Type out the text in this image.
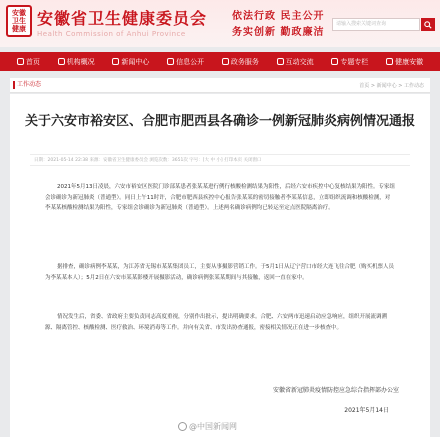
安徽
卫生
健康
安徽省卫生健康委员会
Health Commission of Anhui Province
依法行政 民主公开
务实创新 勤政廉洁
请输入搜索关键词查询
首页	机构概况	新闻中心	信息公开	政务服务	互动交流	专题专栏	健康安徽
工作动态	首页 > 新闻中心 > 工作动态
关于六安市裕安区、合肥市肥西县各确诊一例新冠肺炎病例情况通报
日期：2021-05-14 22:38 来源：安徽省卫生健康委员会 浏览次数：3651次 字号：[大 中 小] 打印本页 关闭窗口

2021年5月13日凌晨，六安市裕安区医院门诊部某患者张某某进行例行核酸检测结果为阳性，后经六安市疾控中心复核结果为阳性。专家组会诊确诊为新冠肺炎（普通型）。同日上午11时许，合肥市肥西县疾控中心报告张某某的密切接触者李某某信息，立即组织流调和核酸检测，对李某某核酸检测结果为阳性，专家组会诊确诊为新冠肺炎（普通型）。上述两名确诊病例均已转运至定点医院隔离治疗。

据排查，确诊病例李某某，为江苏省无锡市某某集团员工，主要从事摄影营销工作。于5月1日从辽宁营口市经大连飞往合肥（购买机票人员为李某某本人）；5月2日在六安市某某影楼开展摄影活动，确诊病例张某某期间与其接触，返回一直在家中。

情况发生后，省委、省政府主要负责同志高度重视，分别作出批示，提出明确要求。合肥、六安两市迅速启动应急响应，组织开展流调溯源、隔离管控、核酸检测、医疗救治、环境消毒等工作。并向有关省、市发出协查通报，密接相关情况正在进一步核查中。

安徽省新冠肺炎疫情防控应急综合指挥部办公室
2021年5月14日
@中国新闻网
